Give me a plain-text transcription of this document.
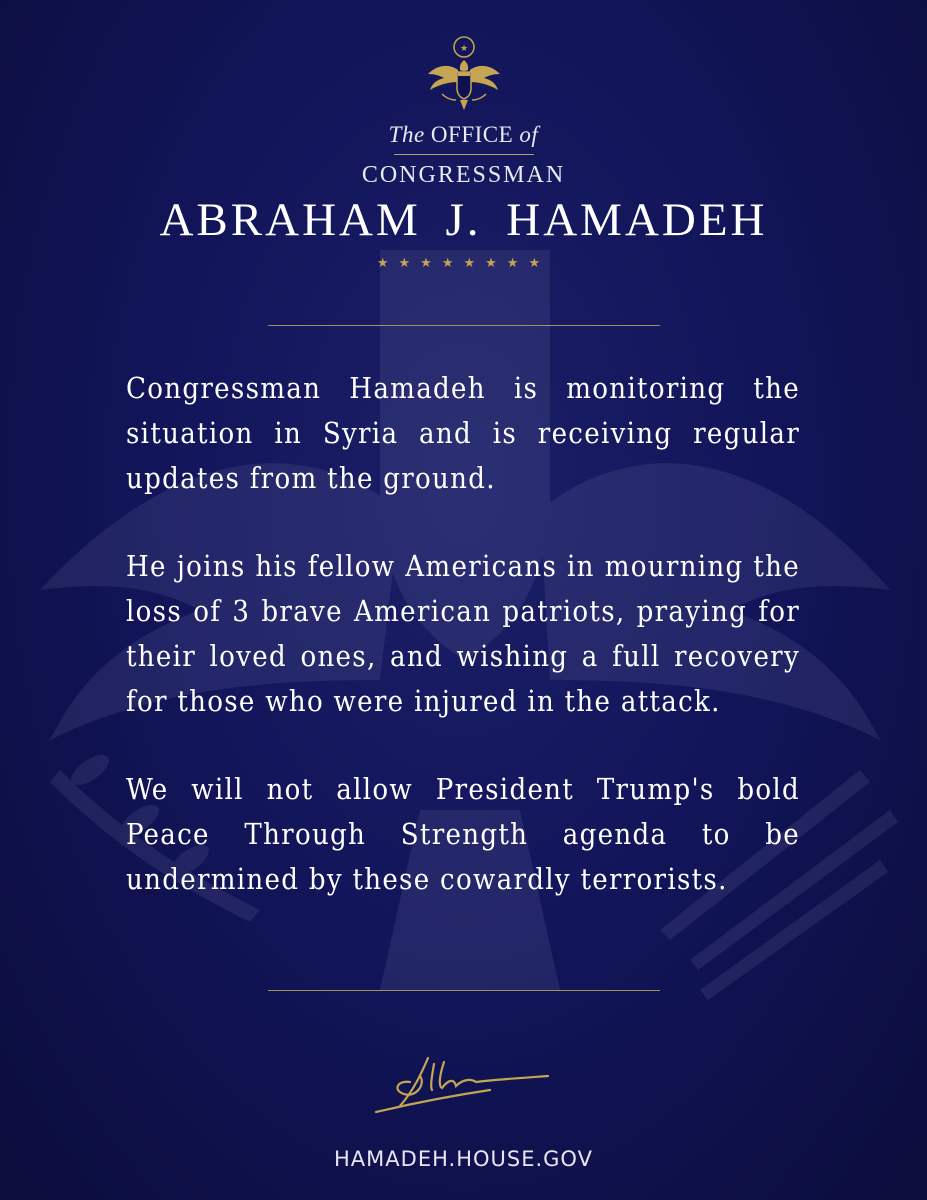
★
The OFFICE of
CONGRESSMAN
ABRAHAM J. HAMADEH
★★★★★★★★

Congressman Hamadeh is monitoring the situation in Syria and is receiving regular updates from the ground.

He joins his fellow Americans in mourning the loss of 3 brave American patriots, praying for their loved ones, and wishing a full recovery for those who were injured in the attack.

We will not allow President Trump's bold Peace Through Strength agenda to be undermined by these cowardly terrorists.

HAMADEH.HOUSE.GOV
